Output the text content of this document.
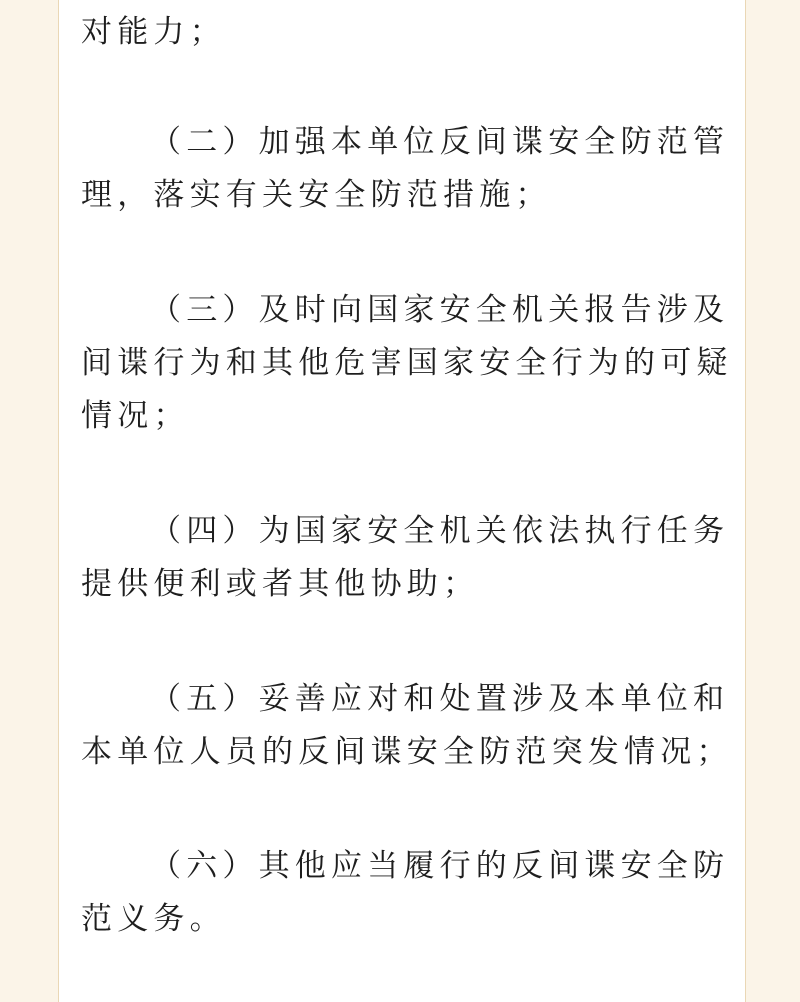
对能力；

（二）加强本单位反间谍安全防范管
理，落实有关安全防范措施；

（三）及时向国家安全机关报告涉及
间谍行为和其他危害国家安全行为的可疑
情况；

（四）为国家安全机关依法执行任务
提供便利或者其他协助；

（五）妥善应对和处置涉及本单位和
本单位人员的反间谍安全防范突发情况；

（六）其他应当履行的反间谍安全防
范义务。
